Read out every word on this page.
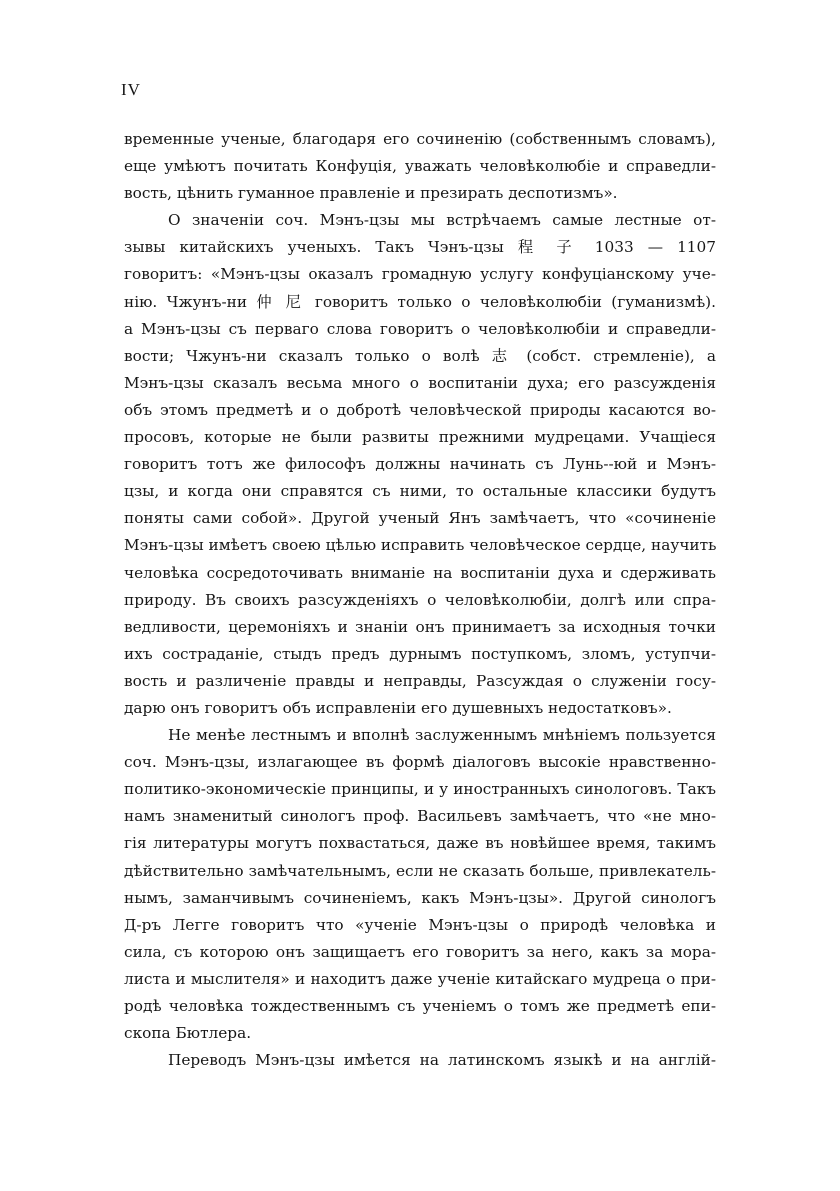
IV
временные ученые, благодаря его сочиненію (собственнымъ словамъ),
еще умѣютъ почитать Конфуція, уважать человѣколюбіе и справедли-
вость, цѣнить гуманное правленіе и презирать деспотизмъ».
О значеніи соч. Мэнъ-цзы мы встрѣчаемъ самые лестные от-
зывы китайскихъ ученыхъ. Такъ Чэнъ-цзы 程 子 1033 — 1107
говоритъ: «Мэнъ-цзы оказалъ громадную услугу конфуціанскому уче-
нію. Чжунъ-ни 仲 尼 говоритъ только о человѣколюбіи (гуманизмѣ).
а Мэнъ-цзы съ перваго слова говоритъ о человѣколюбіи и справедли-
вости; Чжунъ-ни сказалъ только о волѣ 志 (собст. стремленіе), а
Мэнъ-цзы сказалъ весьма много о воспитаніи духа; его разсужденія
объ этомъ предметѣ и о добротѣ человѣческой природы касаются во-
просовъ, которые не были развиты прежними мудрецами. Учащіеся
говоритъ тотъ же философъ должны начинать съ Лунь--юй и Мэнъ-
цзы, и когда они справятся съ ними, то остальные классики будутъ
поняты сами собой». Другой ученый Янъ замѣчаетъ, что «сочиненіе
Мэнъ-цзы имѣетъ своею цѣлью исправить человѣческое сердце, научить
человѣка сосредоточивать вниманіе на воспитаніи духа и сдерживать
природу. Въ своихъ разсужденіяхъ о человѣколюбіи, долгѣ или спра-
ведливости, церемоніяхъ и знаніи онъ принимаетъ за исходныя точки
ихъ состраданіе, стыдъ предъ дурнымъ поступкомъ, зломъ, уступчи-
вость и различеніе правды и неправды, Разсуждая о служеніи госу-
дарю онъ говоритъ объ исправленіи его душевныхъ недостатковъ».
Не менѣе лестнымъ и вполнѣ заслуженнымъ мнѣніемъ пользуется
соч. Мэнъ-цзы, излагающее въ формѣ діалоговъ высокіе нравственно-
политико-экономическіе принципы, и у иностранныхъ синологовъ. Такъ
намъ знаменитый синологъ проф. Васильевъ замѣчаетъ, что «не мно-
гія литературы могутъ похвастаться, даже въ новѣйшее время, такимъ
дѣйствительно замѣчательнымъ, если не сказать больше, привлекатель-
нымъ, заманчивымъ сочиненіемъ, какъ Мэнъ-цзы». Другой синологъ
Д-ръ Легге говоритъ что «ученіе Мэнъ-цзы о природѣ человѣка и
сила, съ которою онъ защищаетъ его говоритъ за него, какъ за мора-
листа и мыслителя» и находитъ даже ученіе китайскаго мудреца о при-
родѣ человѣка тождественнымъ съ ученіемъ о томъ же предметѣ епи-
скопа Бютлера.
Переводъ Мэнъ-цзы имѣется на латинскомъ языкѣ и на англій-
